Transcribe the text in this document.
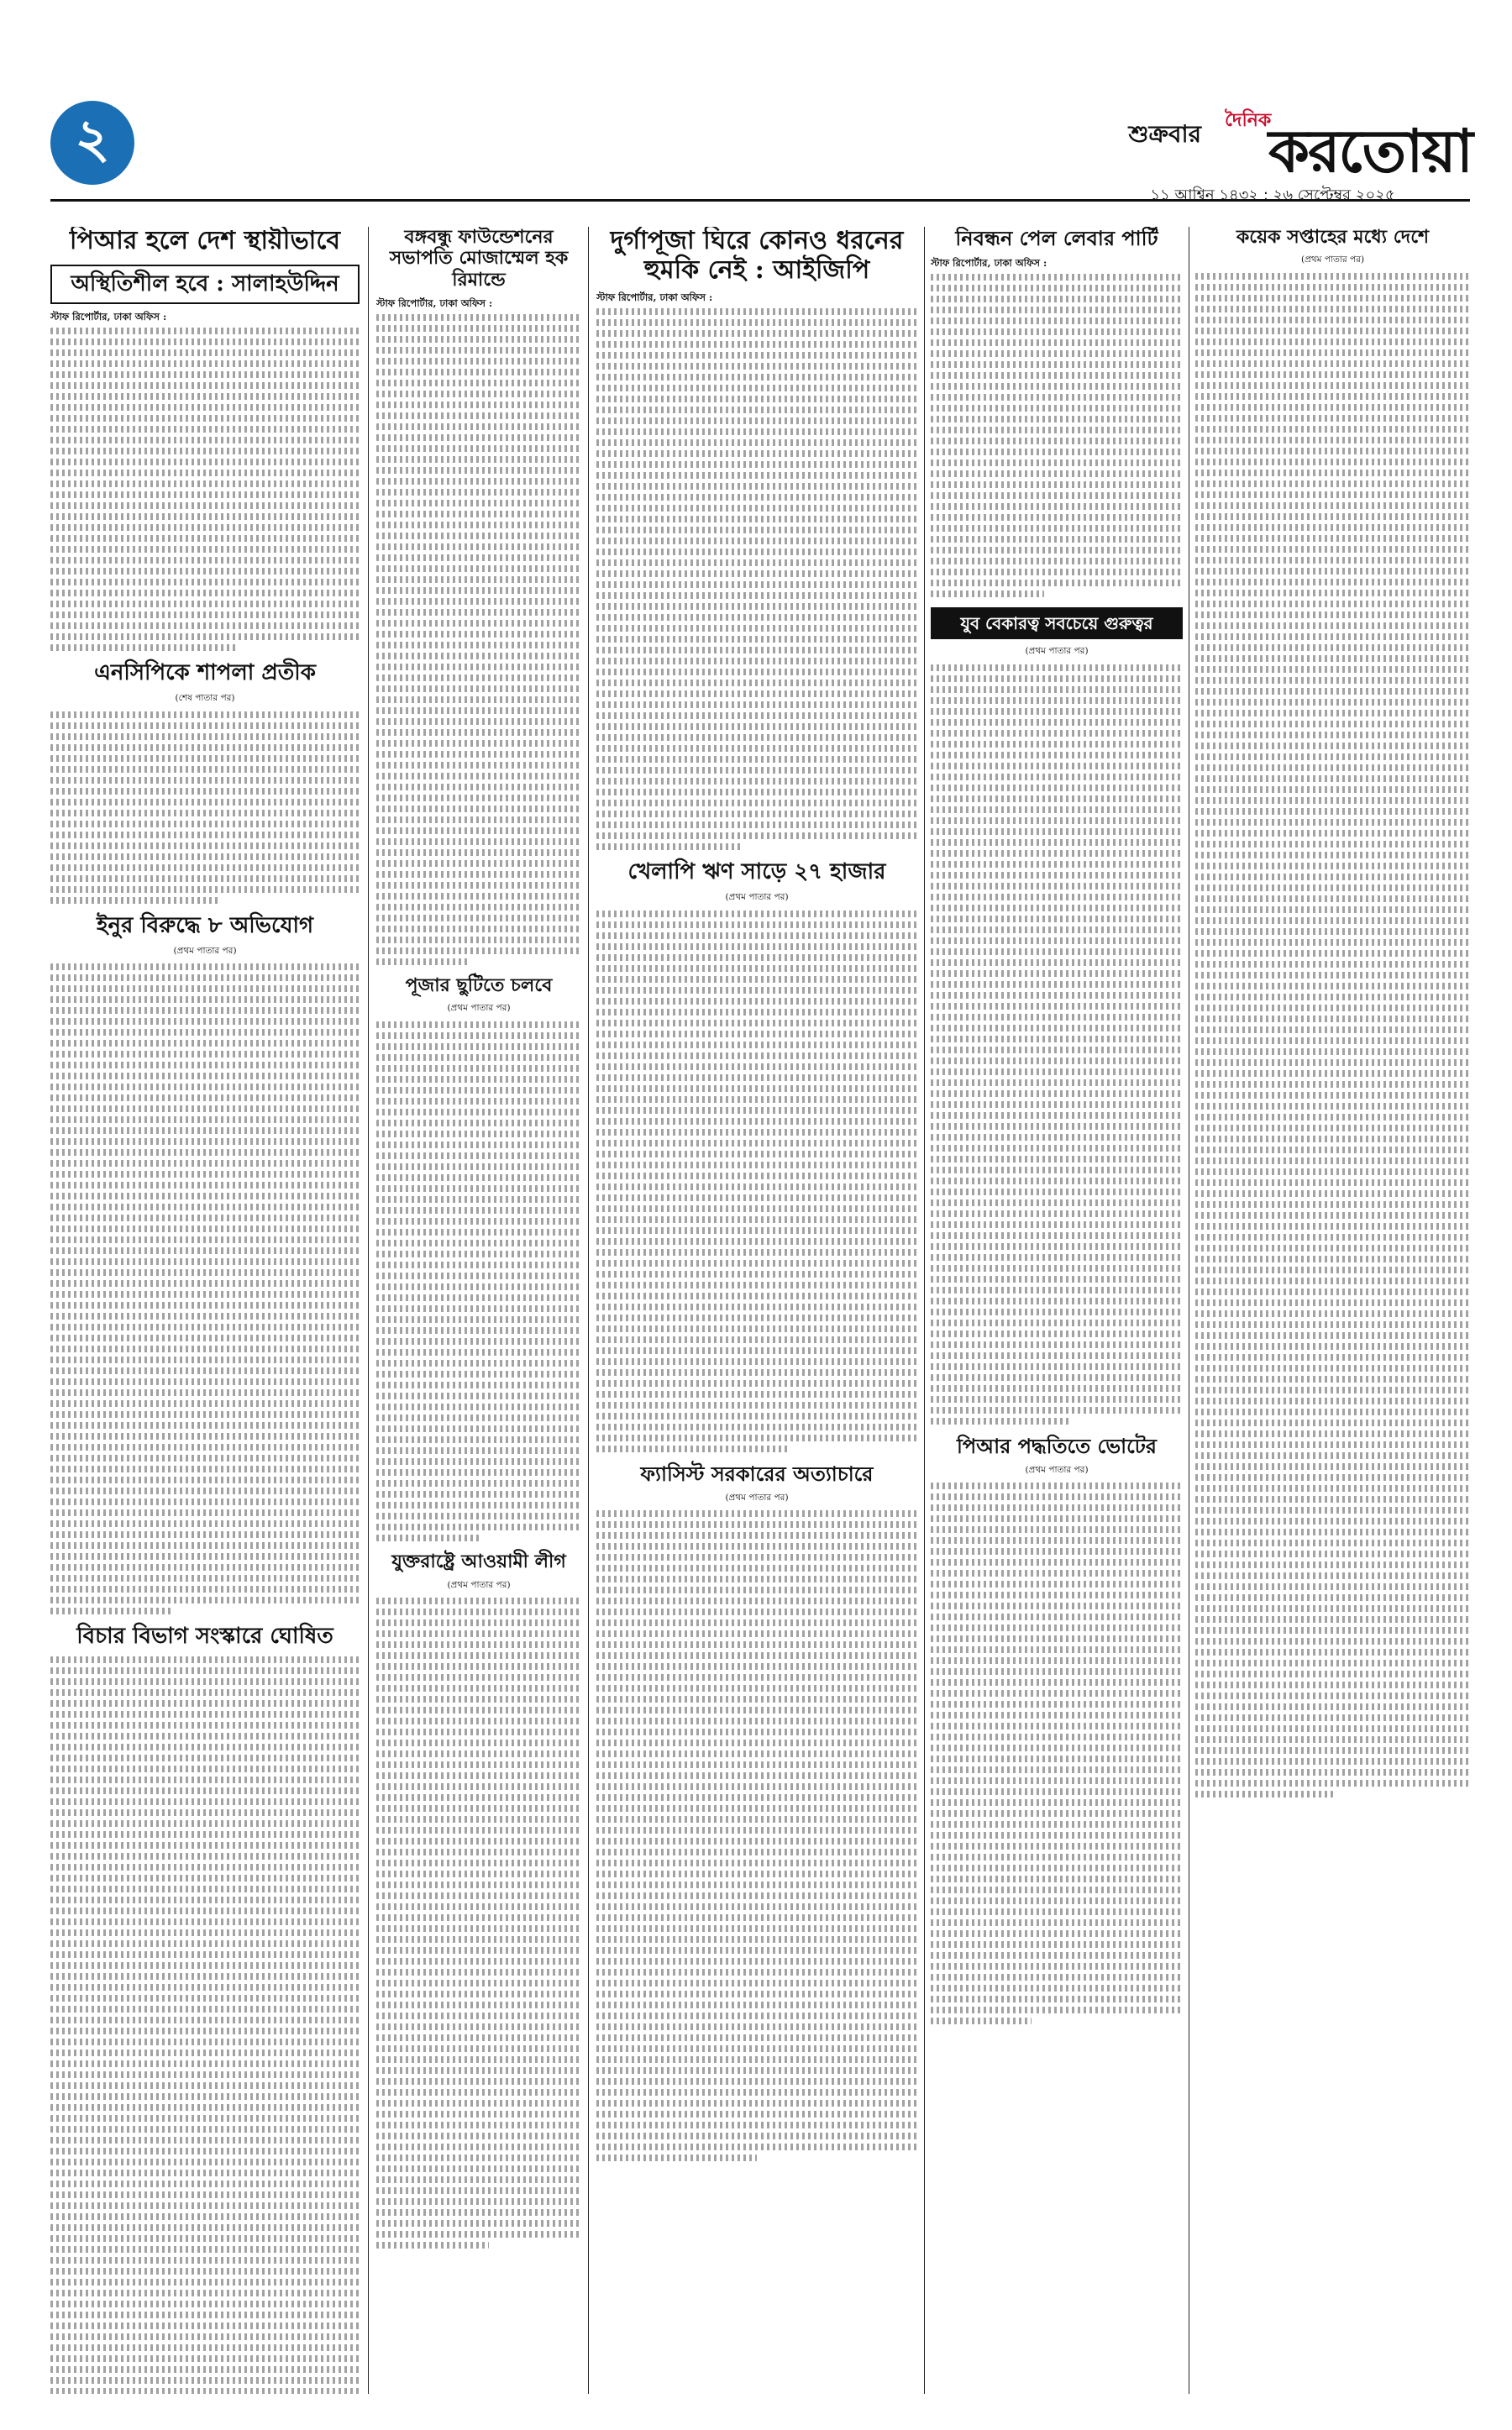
২	শুক্রবার দৈনিক
করতোয়া
১১ আশ্বিন ১৪৩২ : ২৬ সেপ্টেম্বর ২০২৫
পিআর হলে দেশ স্থায়ীভাবে
অস্থিতিশীল হবে : সালাহউদ্দিন
স্টাফ রিপোর্টার, ঢাকা অফিস :
এনসিপিকে শাপলা প্রতীক
(শেষ পাতার পর)
ইনুর বিরুদ্ধে ৮ অভিযোগ
(প্রথম পাতার পর)
বিচার বিভাগ সংস্কারে ঘোষিত
বঙ্গবন্ধু ফাউন্ডেশনের সভাপতি মোজাম্মেল হক রিমান্ডে
স্টাফ রিপোর্টার, ঢাকা অফিস :
পূজার ছুটিতে চলবে
(প্রথম পাতার পর)
যুক্তরাষ্ট্রে আওয়ামী লীগ
(প্রথম পাতার পর)
দুর্গাপূজা ঘিরে কোনও ধরনের হুমকি নেই : আইজিপি
স্টাফ রিপোর্টার, ঢাকা অফিস :
খেলাপি ঋণ সাড়ে ২৭ হাজার
(প্রথম পাতার পর)
ফ্যাসিস্ট সরকারের অত্যাচারে
(প্রথম পাতার পর)
নিবন্ধন পেল লেবার পার্টি
স্টাফ রিপোর্টার, ঢাকা অফিস :
যুব বেকারত্ব সবচেয়ে গুরুত্বর
(প্রথম পাতার পর)
পিআর পদ্ধতিতে ভোটের
(প্রথম পাতার পর)
কয়েক সপ্তাহের মধ্যে দেশে
(প্রথম পাতার পর)
